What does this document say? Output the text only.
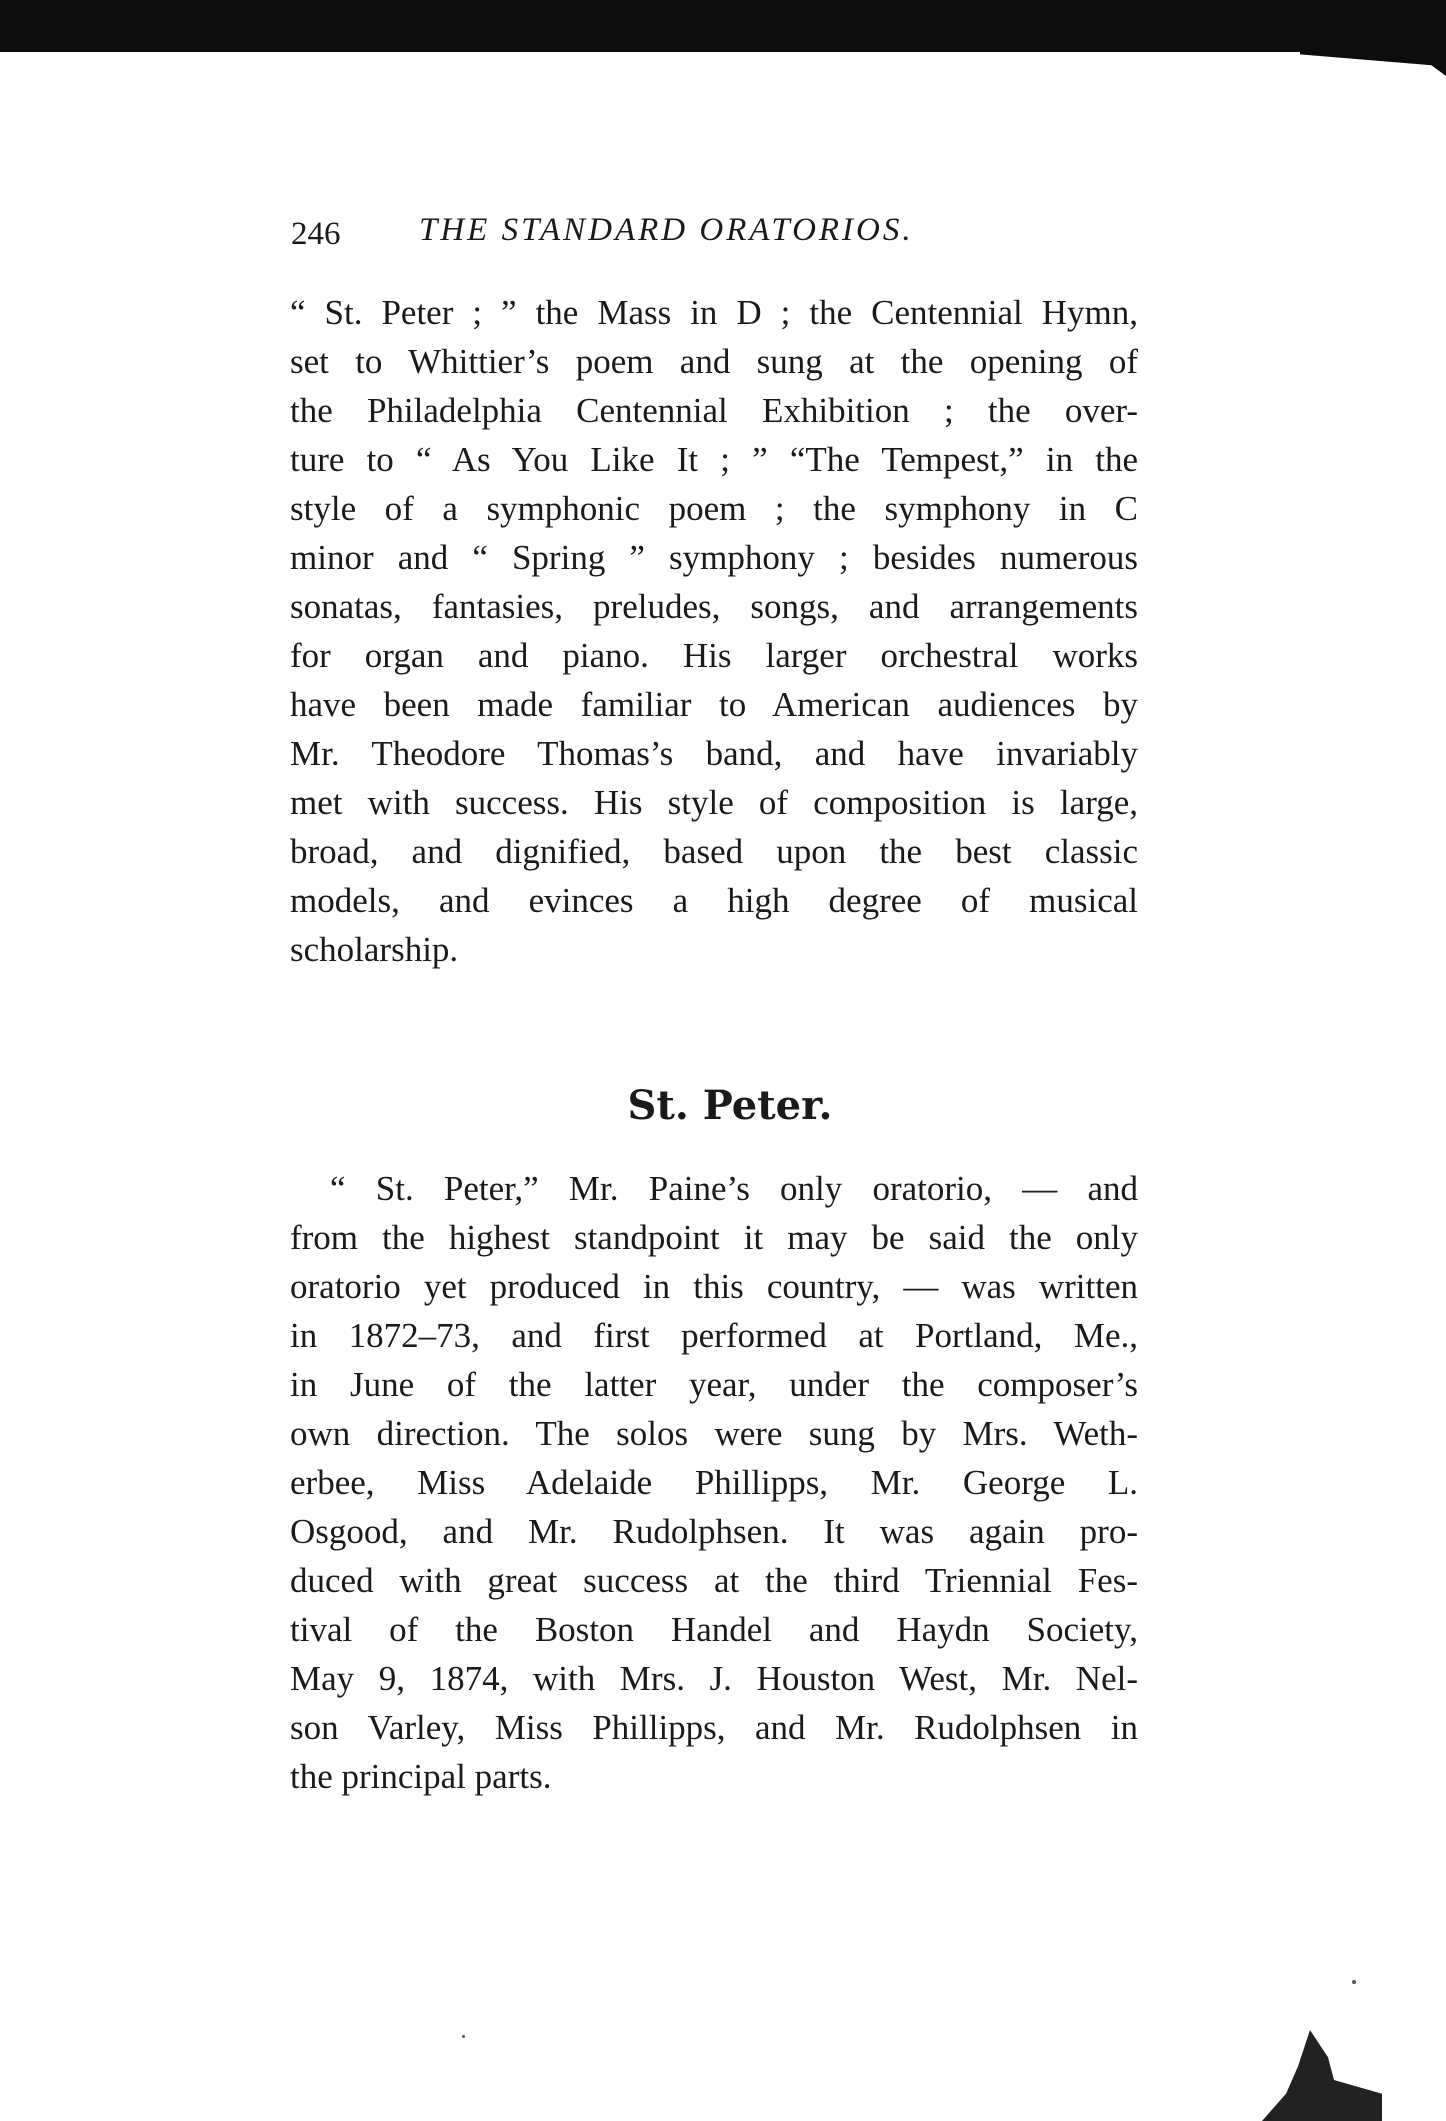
246 THE STANDARD ORATORIOS.
“ St. Peter ; ” the Mass in D ; the Centennial Hymn,
set to Whittier’s poem and sung at the opening of
the Philadelphia Centennial Exhibition ; the over-
ture to “ As You Like It ; ” “The Tempest,” in the
style of a symphonic poem ; the symphony in C
minor and “ Spring ” symphony ; besides numerous
sonatas, fantasies, preludes, songs, and arrangements
for organ and piano. His larger orchestral works
have been made familiar to American audiences by
Mr. Theodore Thomas’s band, and have invariably
met with success. His style of composition is large,
broad, and dignified, based upon the best classic
models, and evinces a high degree of musical
scholarship.
St. Peter.
“ St. Peter,” Mr. Paine’s only oratorio, — and
from the highest standpoint it may be said the only
oratorio yet produced in this country, — was written
in 1872–73, and first performed at Portland, Me.,
in June of the latter year, under the composer’s
own direction. The solos were sung by Mrs. Weth-
erbee, Miss Adelaide Phillipps, Mr. George L.
Osgood, and Mr. Rudolphsen. It was again pro-
duced with great success at the third Triennial Fes-
tival of the Boston Handel and Haydn Society,
May 9, 1874, with Mrs. J. Houston West, Mr. Nel-
son Varley, Miss Phillipps, and Mr. Rudolphsen in
the principal parts.
